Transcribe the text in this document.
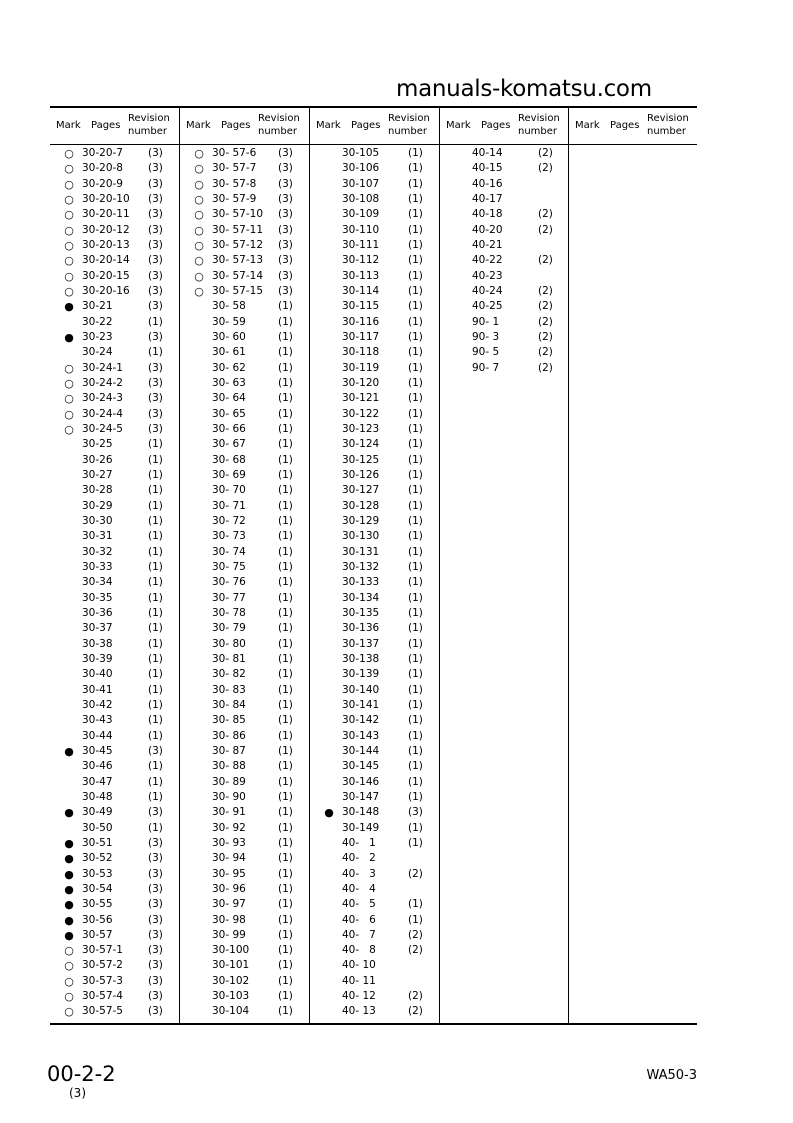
Mark Pages
Revision
number
○ 30-20-7 (3)
○ 30-20-8 (3)
○ 30-20-9 (3)
○ 30-20-10 (3)
○ 30-20-11 (3)
○ 30-20-12 (3)
○ 30-20-13 (3)
○ 30-20-14 (3)
○ 30-20-15 (3)
○ 30-20-16 (3)
● 30-21	(3)
30-22	(1)
● 30-23	(3)
30-24	(1)
○ 30-24-1 (3)
○ 30-24-2 (3)
○ 30-24-3 (3)
○ 30-24-4 (3)
○ 30-24-5 (3)
30-25	(1)
30-26	(1)
30-27	(1)
30-28	(1)
30-29	(1)
30-30	(1)
30-31	(1)
30-32	(1)
30-33	(1)
30-34	(1)
30-35	(1)
30-36	(1)
30-37	(1)
30-38	(1)
30-39	(1)
30-40	(1)
30-41	(1)
30-42	(1)
30-43	(1)
30-44	(1)
● 30-45	(3)
30-46	(1)
30-47	(1)
30-48	(1)
● 30-49	(3)
30-50	(1)
● 30-51	(3)
● 30-52	(3)
● 30-53	(3)
● 30-54	(3)
● 30-55	(3)
● 30-56	(3)
● 30-57	(3)
○ 30-57-1 (3)
○ 30-57-2 (3)
○ 30-57-3 (3)
○ 30-57-4 (3)
○ 30-57-5 (3)
Mark Pages
Revision
number
○ 30- 57-6 (3)
○ 30- 57-7 (3)
○ 30- 57-8 (3)
○ 30- 57-9 (3)
○ 30- 57-10 (3)
○ 30- 57-11 (3)
○ 30- 57-12 (3)
○ 30- 57-13 (3)
○ 30- 57-14 (3)
○ 30- 57-15 (3)
30- 58	(1)
30- 59	(1)
30- 60	(1)
30- 61	(1)
30- 62	(1)
30- 63	(1)
30- 64	(1)
30- 65	(1)
30- 66	(1)
30- 67	(1)
30- 68	(1)
30- 69	(1)
30- 70	(1)
30- 71	(1)
30- 72	(1)
30- 73	(1)
30- 74	(1)
30- 75	(1)
30- 76	(1)
30- 77	(1)
30- 78	(1)
30- 79	(1)
30- 80	(1)
30- 81	(1)
30- 82	(1)
30- 83	(1)
30- 84	(1)
30- 85	(1)
30- 86	(1)
30- 87	(1)
30- 88	(1)
30- 89	(1)
30- 90	(1)
30- 91	(1)
30- 92	(1)
30- 93	(1)
30- 94	(1)
30- 95	(1)
30- 96	(1)
30- 97	(1)
30- 98	(1)
30- 99	(1)
30-100	(1)
30-101	(1)
30-102	(1)
30-103	(1)
30-104	(1)
Mark Pages
Revision
number
30-105	(1)
30-106	(1)
30-107	(1)
30-108	(1)
30-109	(1)
30-110	(1)
30-111	(1)
30-112	(1)
30-113	(1)
30-114	(1)
30-115	(1)
30-116	(1)
30-117	(1)
30-118	(1)
30-119	(1)
30-120	(1)
30-121	(1)
30-122	(1)
30-123	(1)
30-124	(1)
30-125	(1)
30-126	(1)
30-127	(1)
30-128	(1)
30-129	(1)
30-130	(1)
30-131	(1)
30-132	(1)
30-133	(1)
30-134	(1)
30-135	(1)
30-136	(1)
30-137	(1)
30-138	(1)
30-139	(1)
30-140	(1)
30-141	(1)
30-142	(1)
30-143	(1)
30-144	(1)
30-145	(1)
30-146	(1)
30-147	(1)
● 30-148	(3)
30-149	(1)
40-   1	(1)
40-   2
40-   3	(2)
40-   4
40-   5	(1)
40-   6	(1)
40-   7	(2)
40-   8	(2)
40- 10
40- 11
40- 12	(2)
40- 13	(2)
Mark Pages
Revision
number
40-14	(2)
40-15	(2)
40-16
40-17
40-18	(2)
40-20	(2)
40-21
40-22	(2)
40-23
40-24	(2)
40-25	(2)
90- 1	(2)
90- 3	(2)
90- 5	(2)
90- 7	(2)
Mark Pages
Revision
number
manuals-komatsu.com
00-2-2
(3)
WA50-3
